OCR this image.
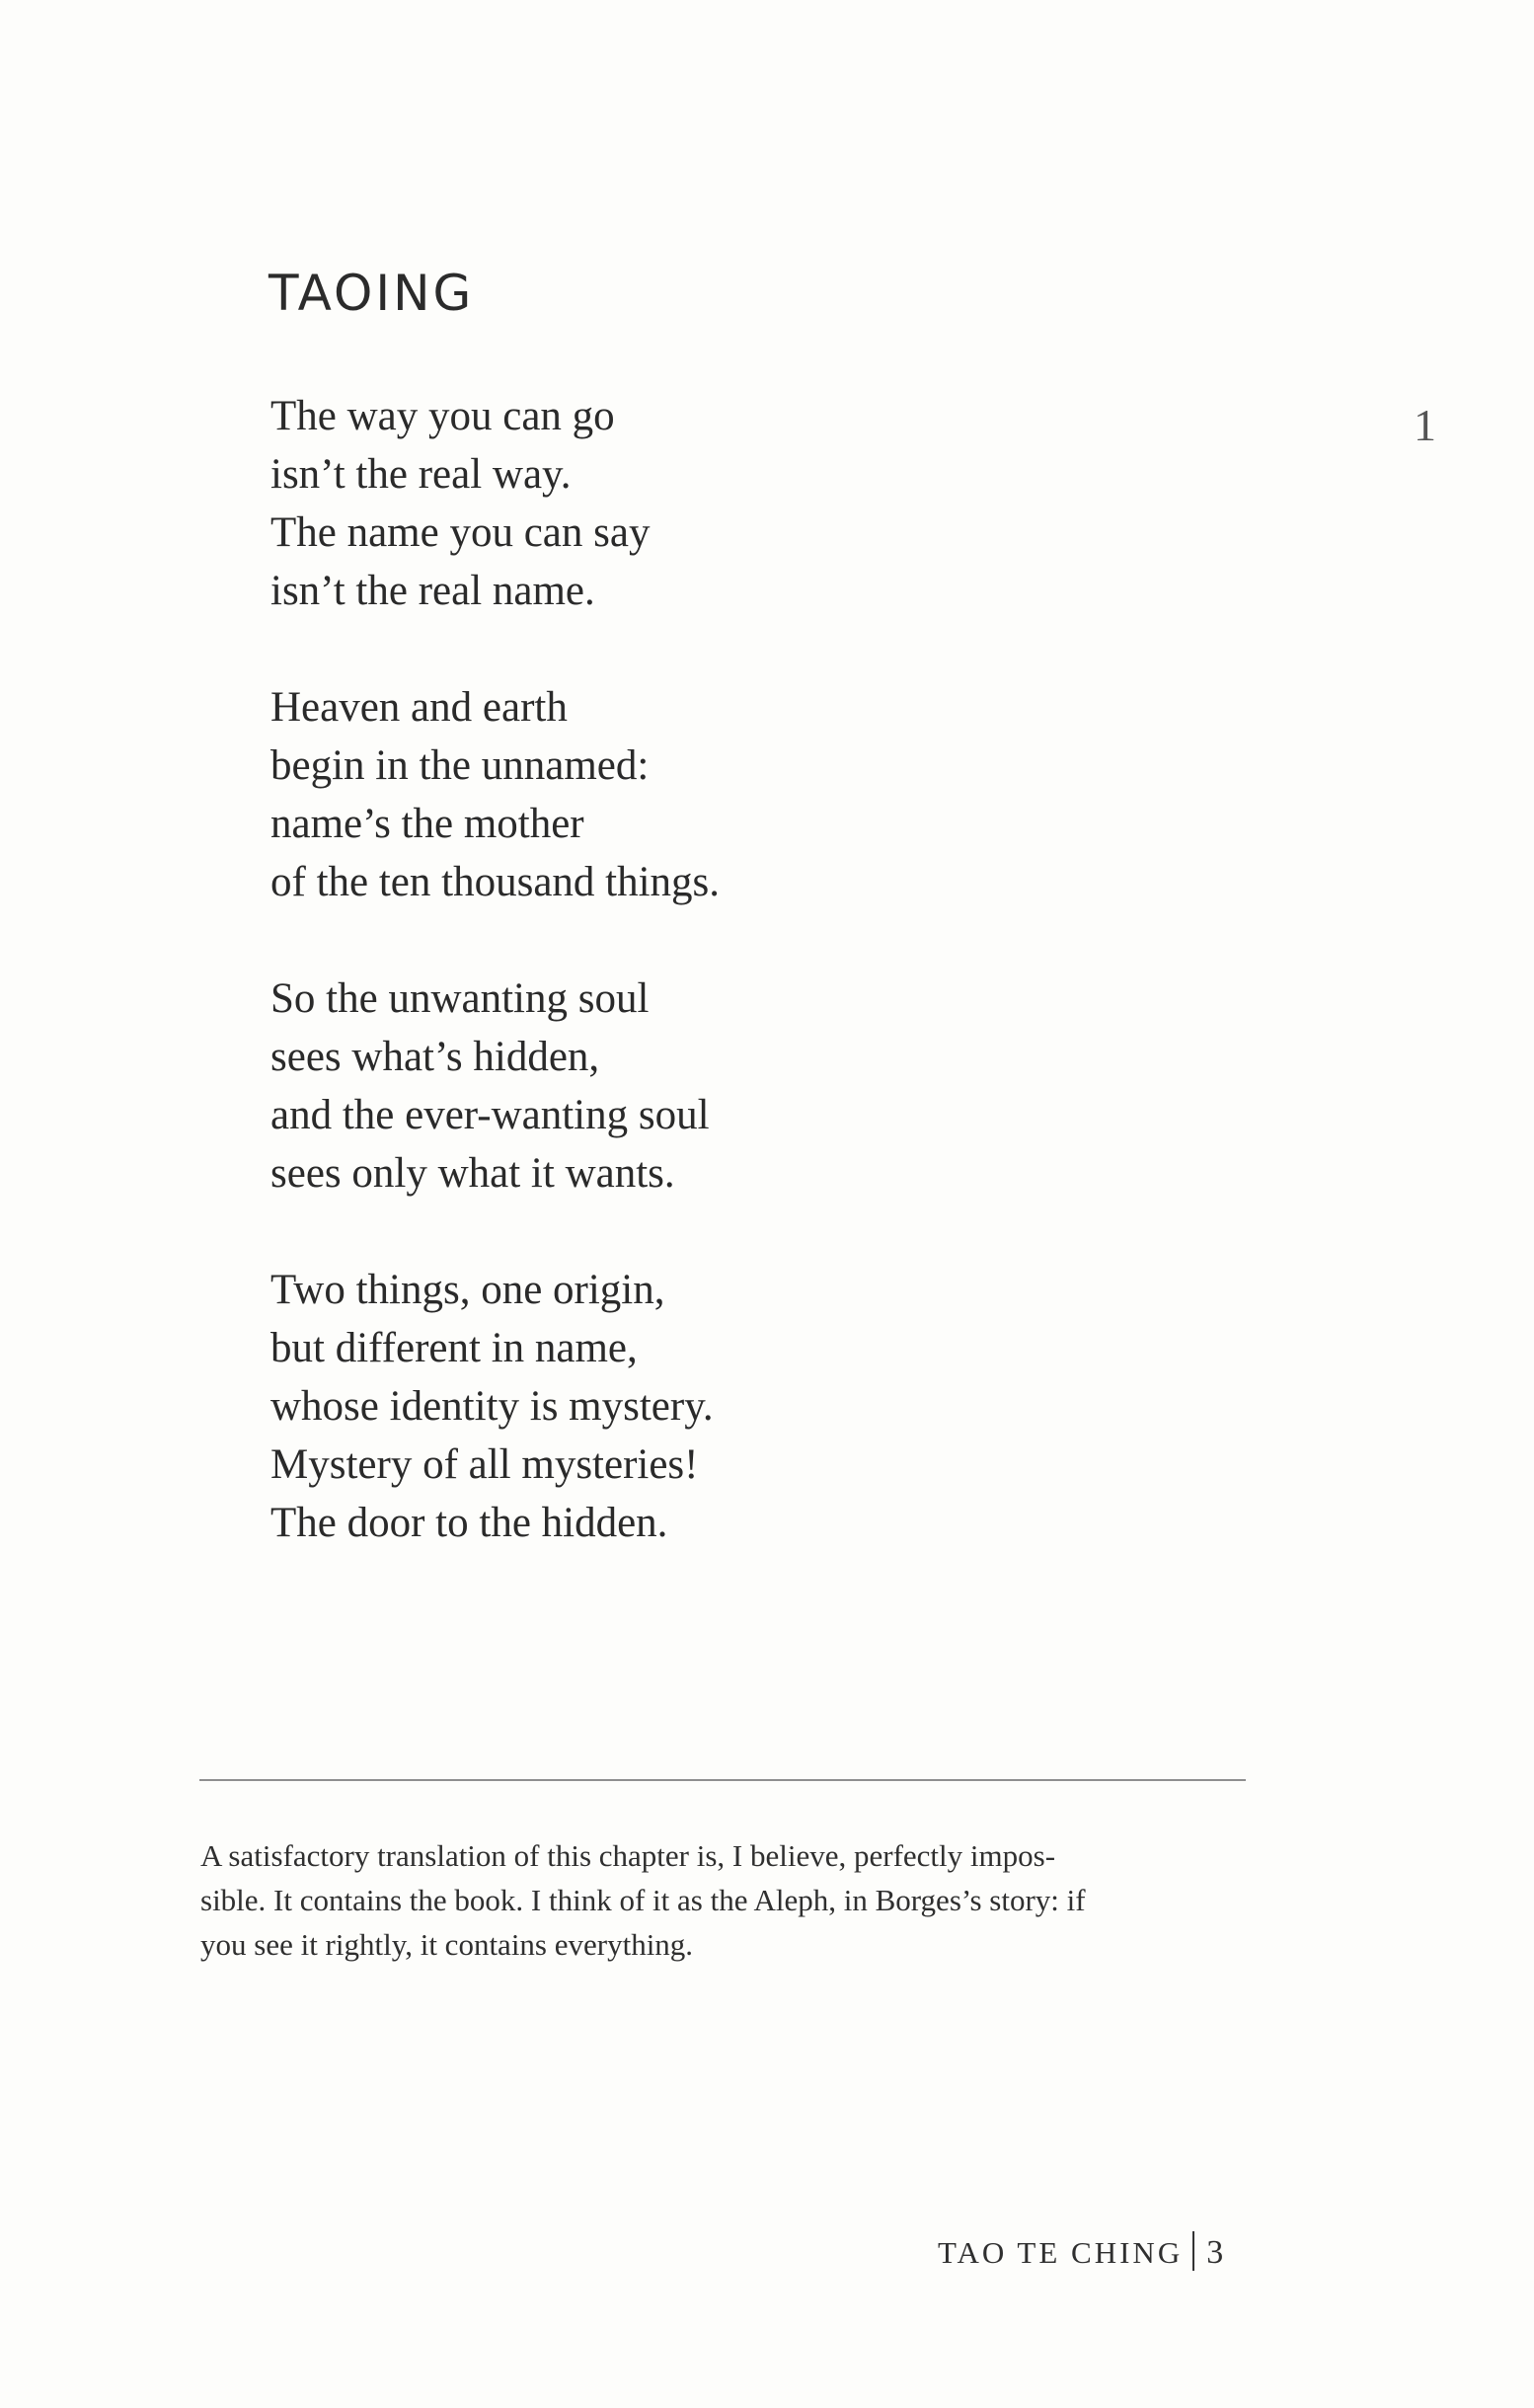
TAOING
1

The way you can go
isn’t the real way.
The name you can say
isn’t the real name.

Heaven and earth
begin in the unnamed:
name’s the mother
of the ten thousand things.

So the unwanting soul
sees what’s hidden,
and the ever-wanting soul
sees only what it wants.

Two things, one origin,
but different in name,
whose identity is mystery.
Mystery of all mysteries!
The door to the hidden.

A satisfactory translation of this chapter is, I believe, perfectly impos-
sible. It contains the book. I think of it as the Aleph, in Borges’s story: if
you see it rightly, it contains everything.

TAO TE CHING 3
